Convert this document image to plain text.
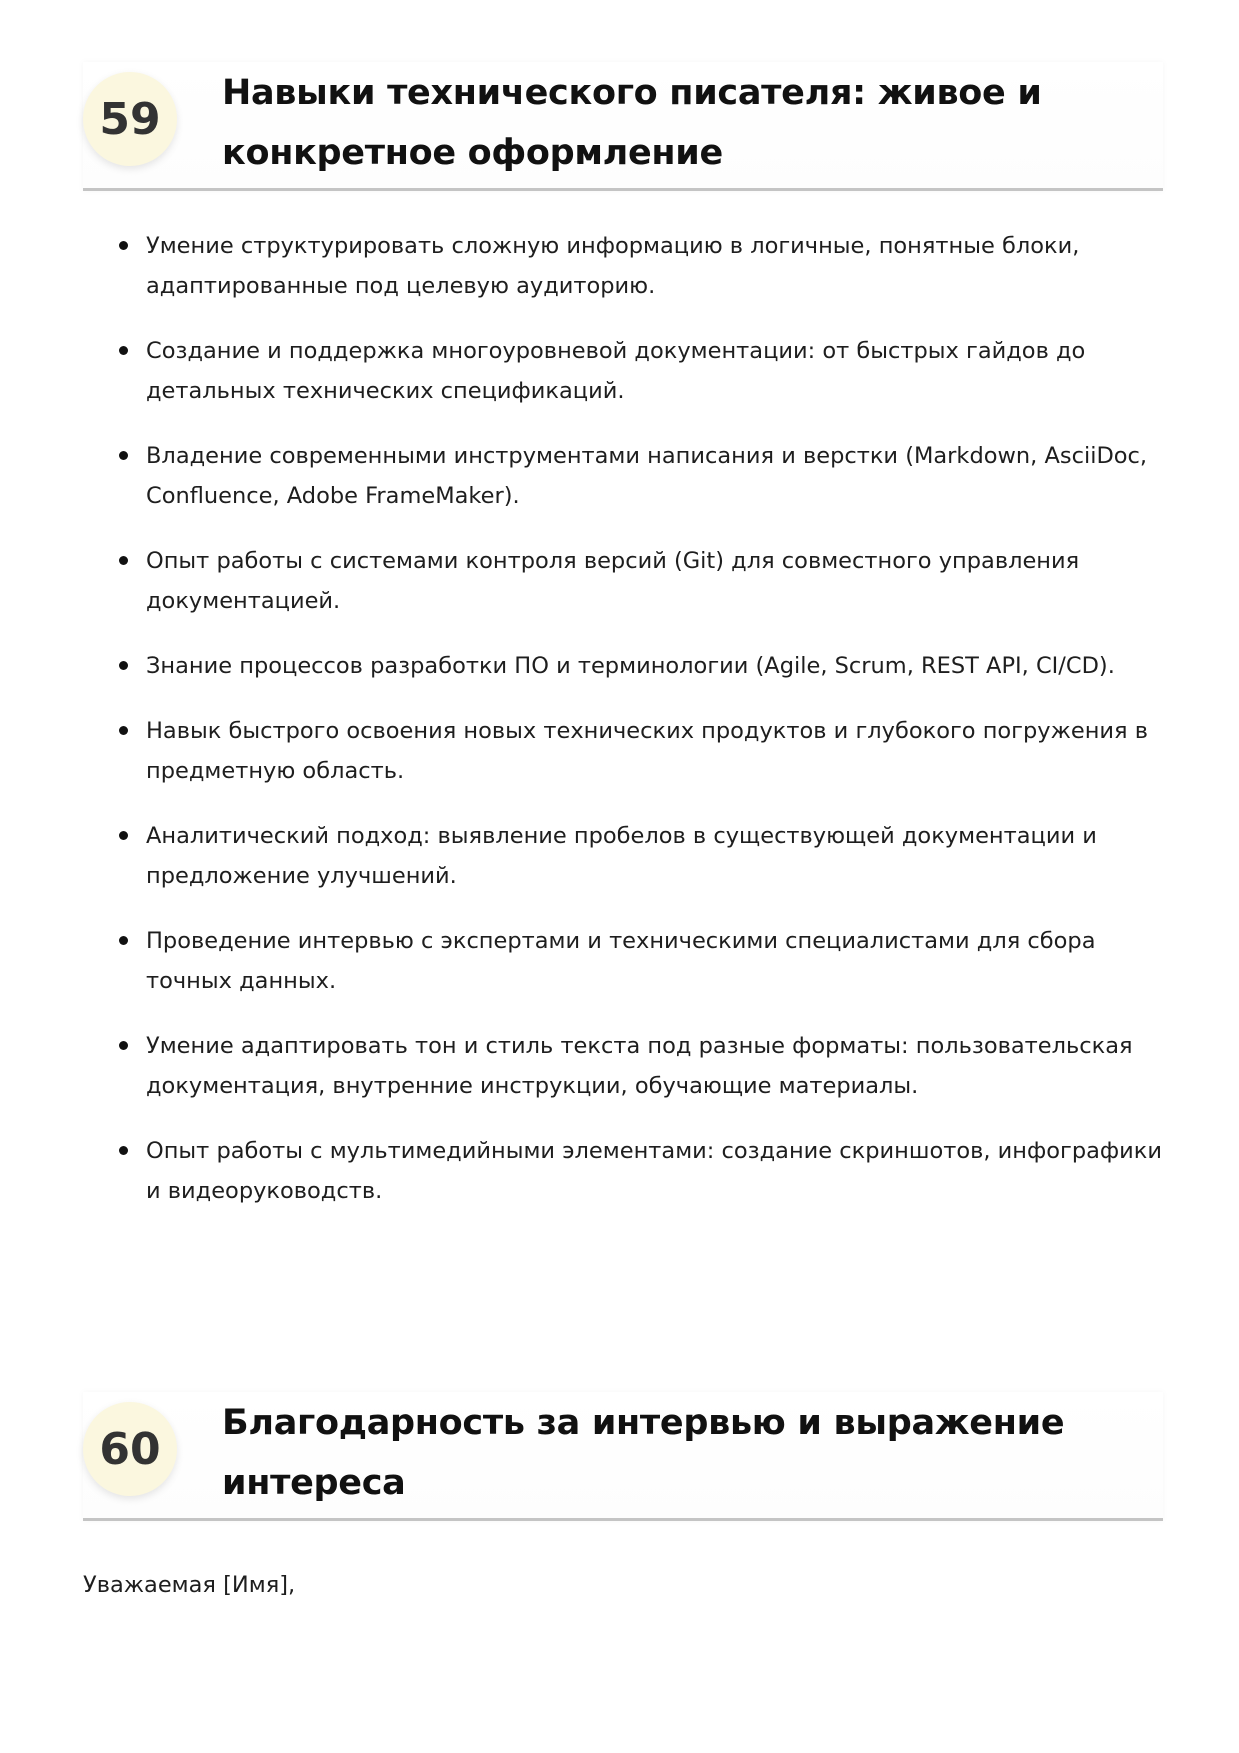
59
Навыки технического писателя: живое и конкретное оформление
Умение структурировать сложную информацию в логичные, понятные блоки, адаптированные под целевую аудиторию.
Создание и поддержка многоуровневой документации: от быстрых гайдов до детальных технических спецификаций.
Владение современными инструментами написания и верстки (Markdown, AsciiDoc, Confluence, Adobe FrameMaker).
Опыт работы с системами контроля версий (Git) для совместного управления документацией.
Знание процессов разработки ПО и терминологии (Agile, Scrum, REST API, CI/CD).
Навык быстрого освоения новых технических продуктов и глубокого погружения в предметную область.
Аналитический подход: выявление пробелов в существующей документации и предложение улучшений.
Проведение интервью с экспертами и техническими специалистами для сбора точных данных.
Умение адаптировать тон и стиль текста под разные форматы: пользовательская документация, внутренние инструкции, обучающие материалы.
Опыт работы с мультимедийными элементами: создание скриншотов, инфографики и видеоруководств.
60
Благодарность за интервью и выражение интереса

Уважаемая [Имя],
